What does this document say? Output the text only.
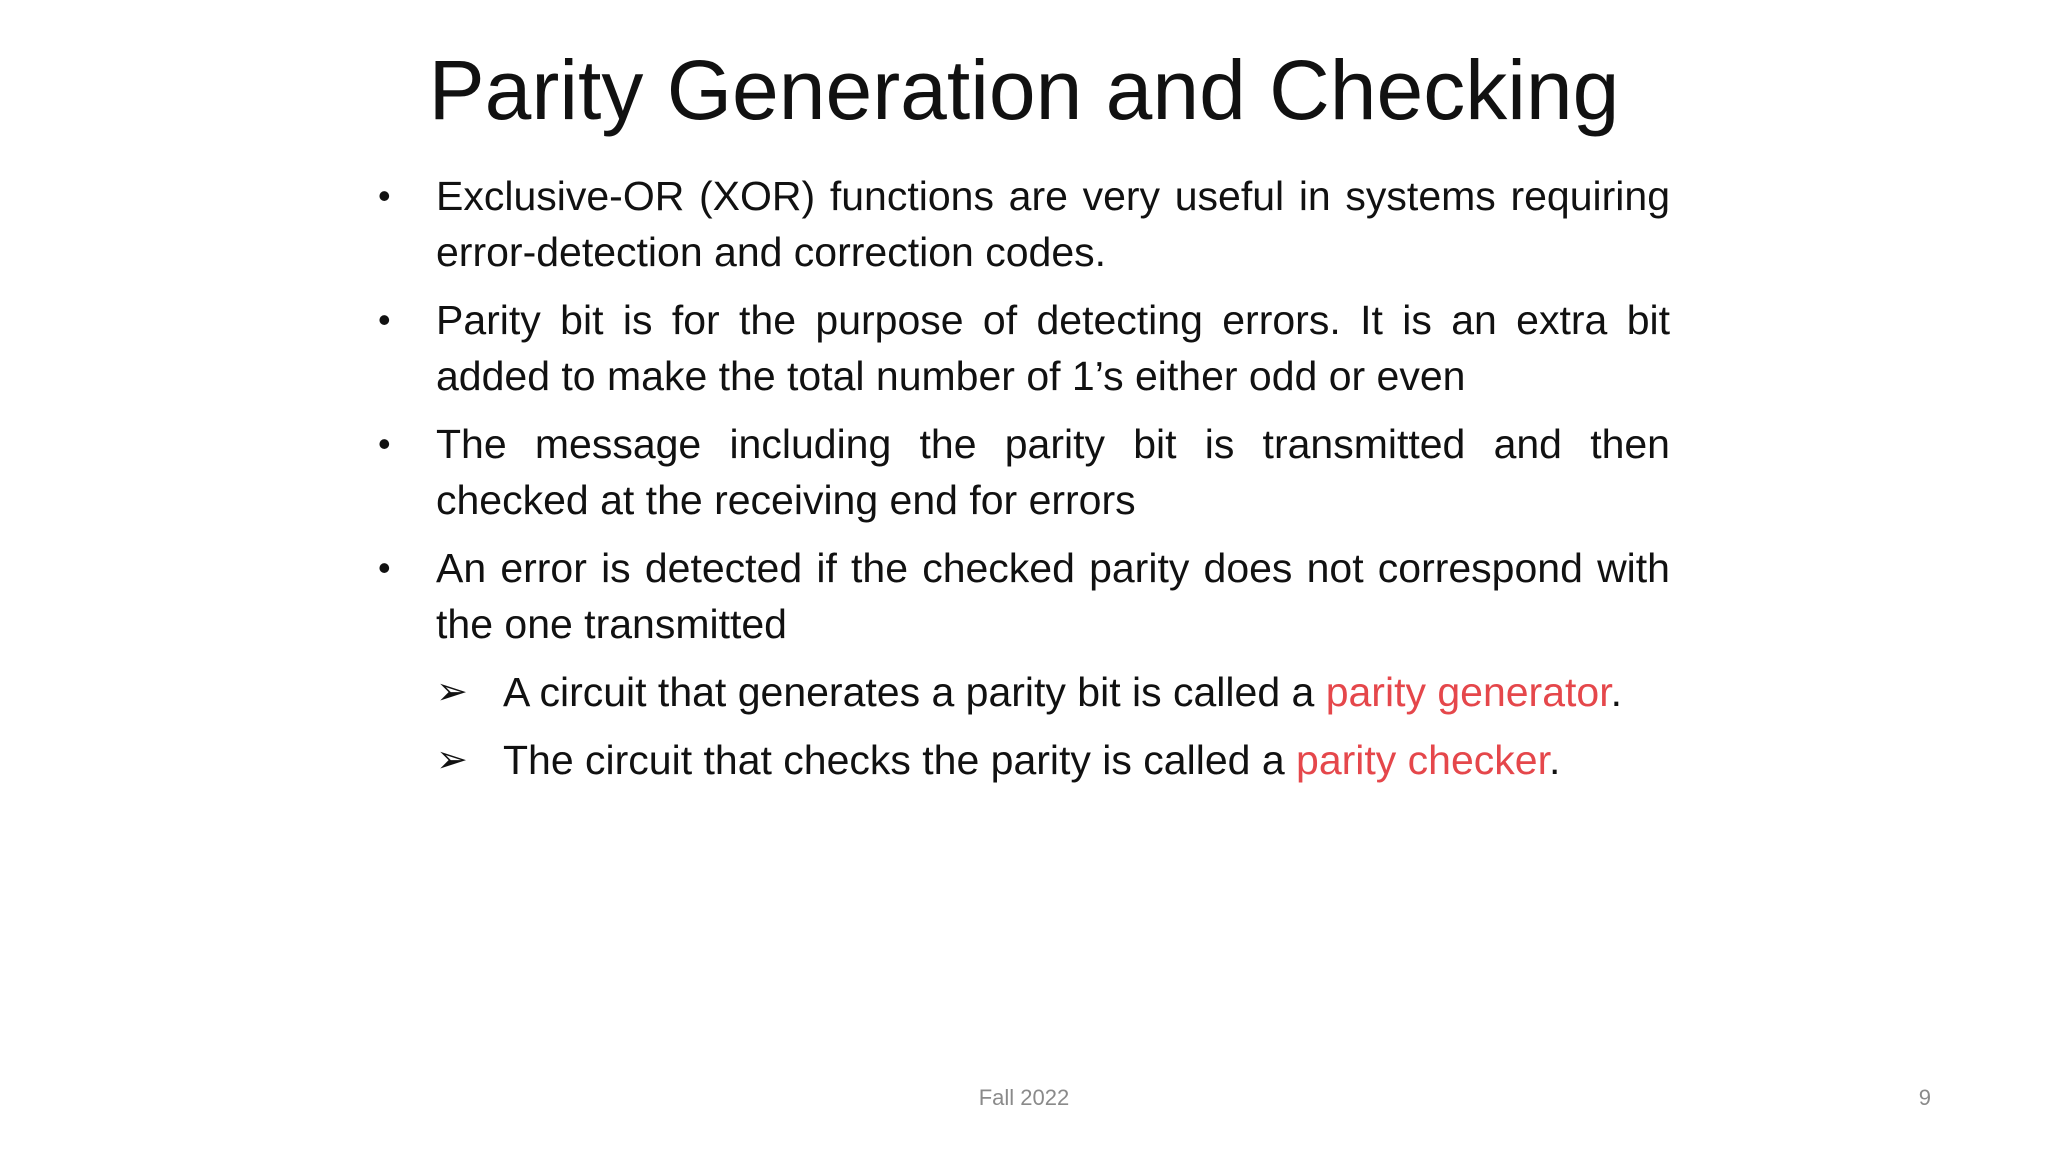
Parity Generation and Checking
• Exclusive-OR (XOR) functions are very useful in systems requiring error-detection and correction codes.
• Parity bit is for the purpose of detecting errors. It is an extra bit added to make the total number of 1’s either odd or even
• The message including the parity bit is transmitted and then checked at the receiving end for errors
• An error is detected if the checked parity does not correspond with the one transmitted
➢ A circuit that generates a parity bit is called a parity generator.
➢ The circuit that checks the parity is called a parity checker.
Fall 2022	9
